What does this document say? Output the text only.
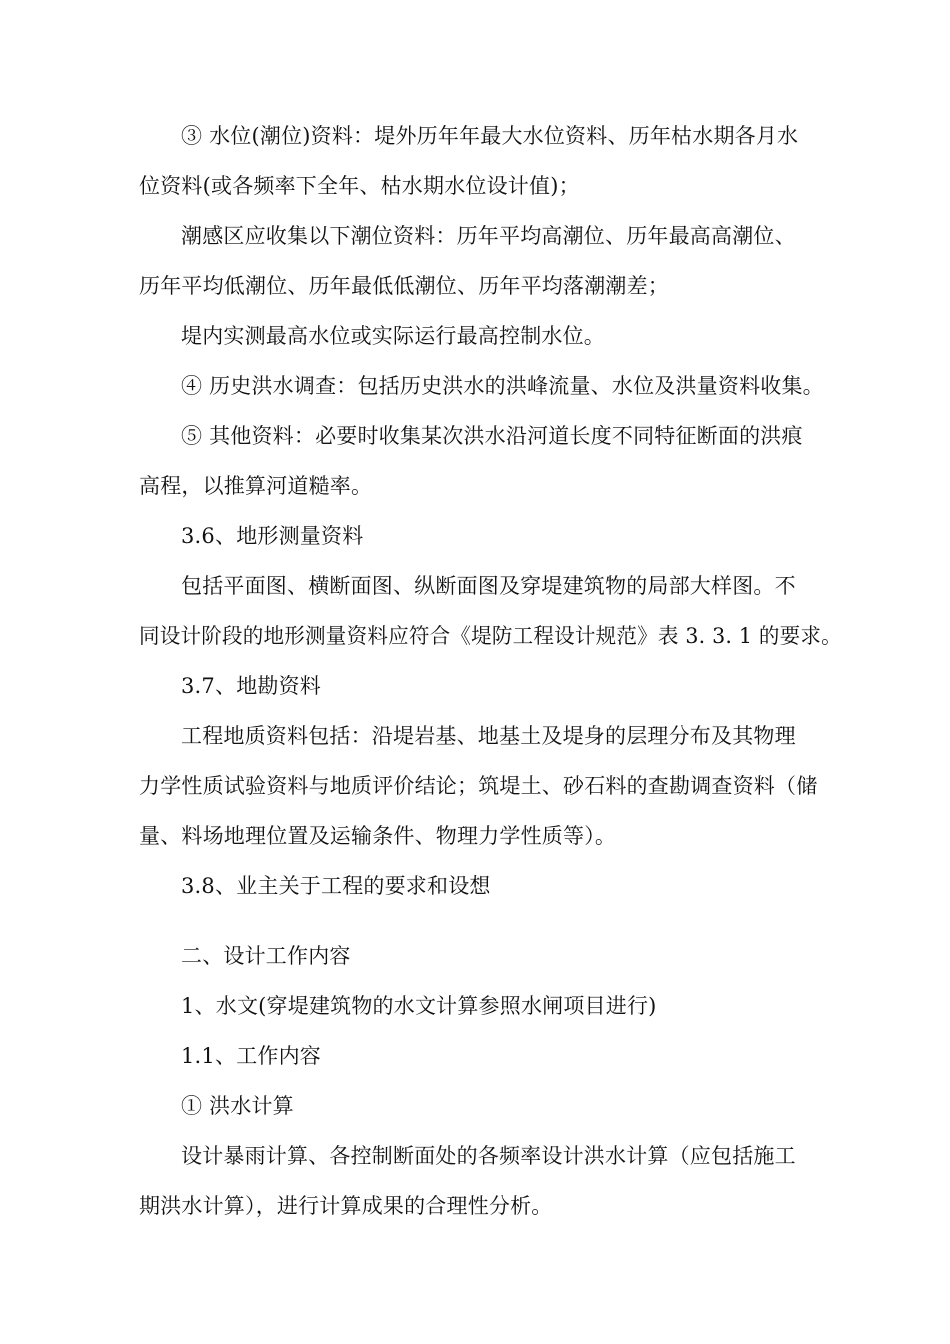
③ 水位(潮位)资料：堤外历年年最大水位资料、历年枯水期各月水
位资料(或各频率下全年、枯水期水位设计值)；
潮感区应收集以下潮位资料：历年平均高潮位、历年最高高潮位、
历年平均低潮位、历年最低低潮位、历年平均落潮潮差；
堤内实测最高水位或实际运行最高控制水位。
④ 历史洪水调查：包括历史洪水的洪峰流量、水位及洪量资料收集。
⑤ 其他资料：必要时收集某次洪水沿河道长度不同特征断面的洪痕
高程，以推算河道糙率。
3.6、地形测量资料
包括平面图、横断面图、纵断面图及穿堤建筑物的局部大样图。不
同设计阶段的地形测量资料应符合《堤防工程设计规范》表 3. 3. 1 的要求。
3.7、地勘资料
工程地质资料包括：沿堤岩基、地基土及堤身的层理分布及其物理
力学性质试验资料与地质评价结论；筑堤土、砂石料的查勘调查资料（储
量、料场地理位置及运输条件、物理力学性质等）。
3.8、业主关于工程的要求和设想
二、设计工作内容
1、水文(穿堤建筑物的水文计算参照水闸项目进行)
1.1、工作内容
① 洪水计算
设计暴雨计算、各控制断面处的各频率设计洪水计算（应包括施工
期洪水计算），进行计算成果的合理性分析。
